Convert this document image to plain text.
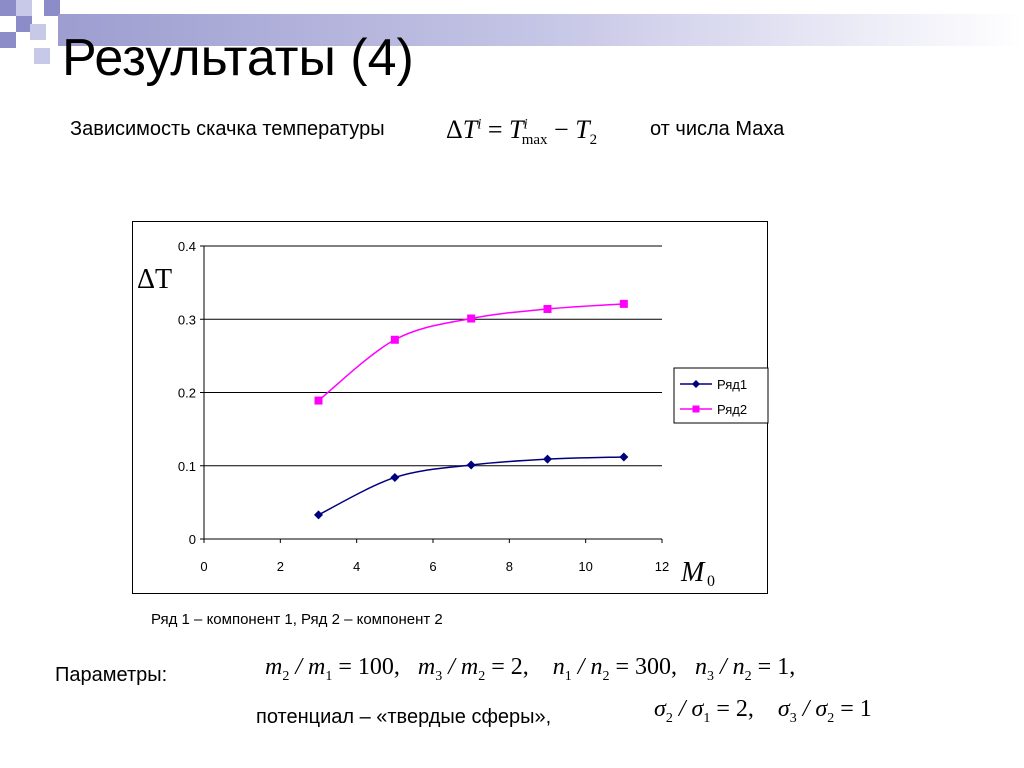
Результаты (4)
Зависимость скачка температуры $\Delta T^i = T^i_{max} - T_2$
от числа Маха
0
0.1
0.2
0.3
0.4
0	2	4	6	8	10	12
ΔT
M 0
Ряд1
Ряд2
Ряд 1 – компонент 1, Ряд 2 – компонент 2
Параметры:	$m_2 / m_1 = 100$, $m_3 / m_2 = 2$, $n_1 / n_2 = 300$, $n_3 / n_2 = 1$,
потенциал – «твердые сферы»,	$\sigma_2 / \sigma_1 = 2$, $\sigma_3 / \sigma_2 = 1$
